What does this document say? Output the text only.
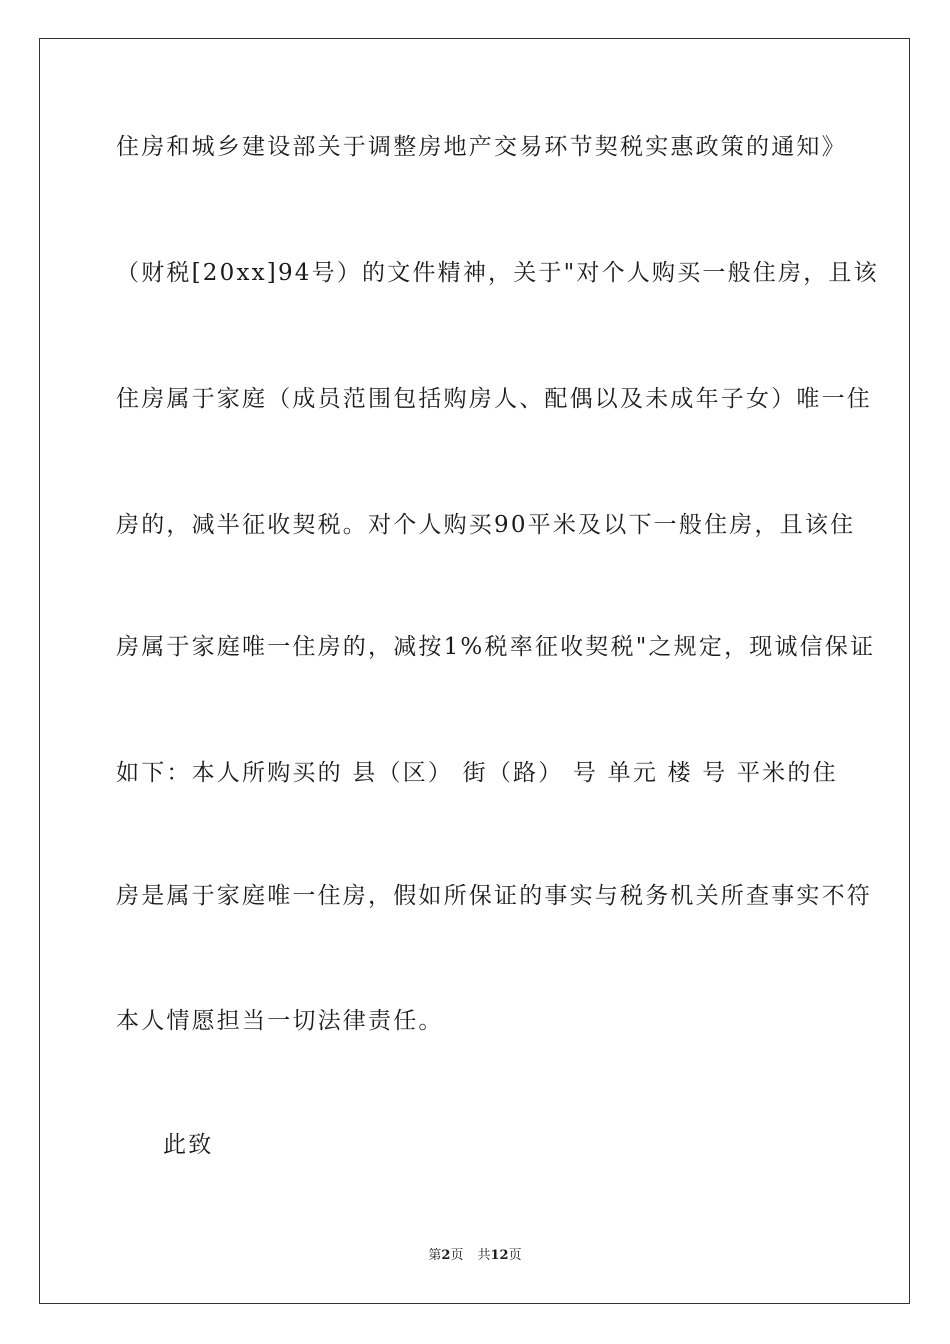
住房和城乡建设部关于调整房地产交易环节契税实惠政策的通知》
（财税[20xx]94号）的文件精神，关于"对个人购买一般住房，且该
住房属于家庭（成员范围包括购房人、配偶以及未成年子女）唯一住
房的，减半征收契税。对个人购买90平米及以下一般住房，且该住
房属于家庭唯一住房的，减按1%税率征收契税"之规定，现诚信保证
如下：本人所购买的 县（区） 街（路） 号 单元 楼 号 平米的住
房是属于家庭唯一住房，假如所保证的事实与税务机关所查事实不符
本人情愿担当一切法律责任。
此致
第2页 共12页
